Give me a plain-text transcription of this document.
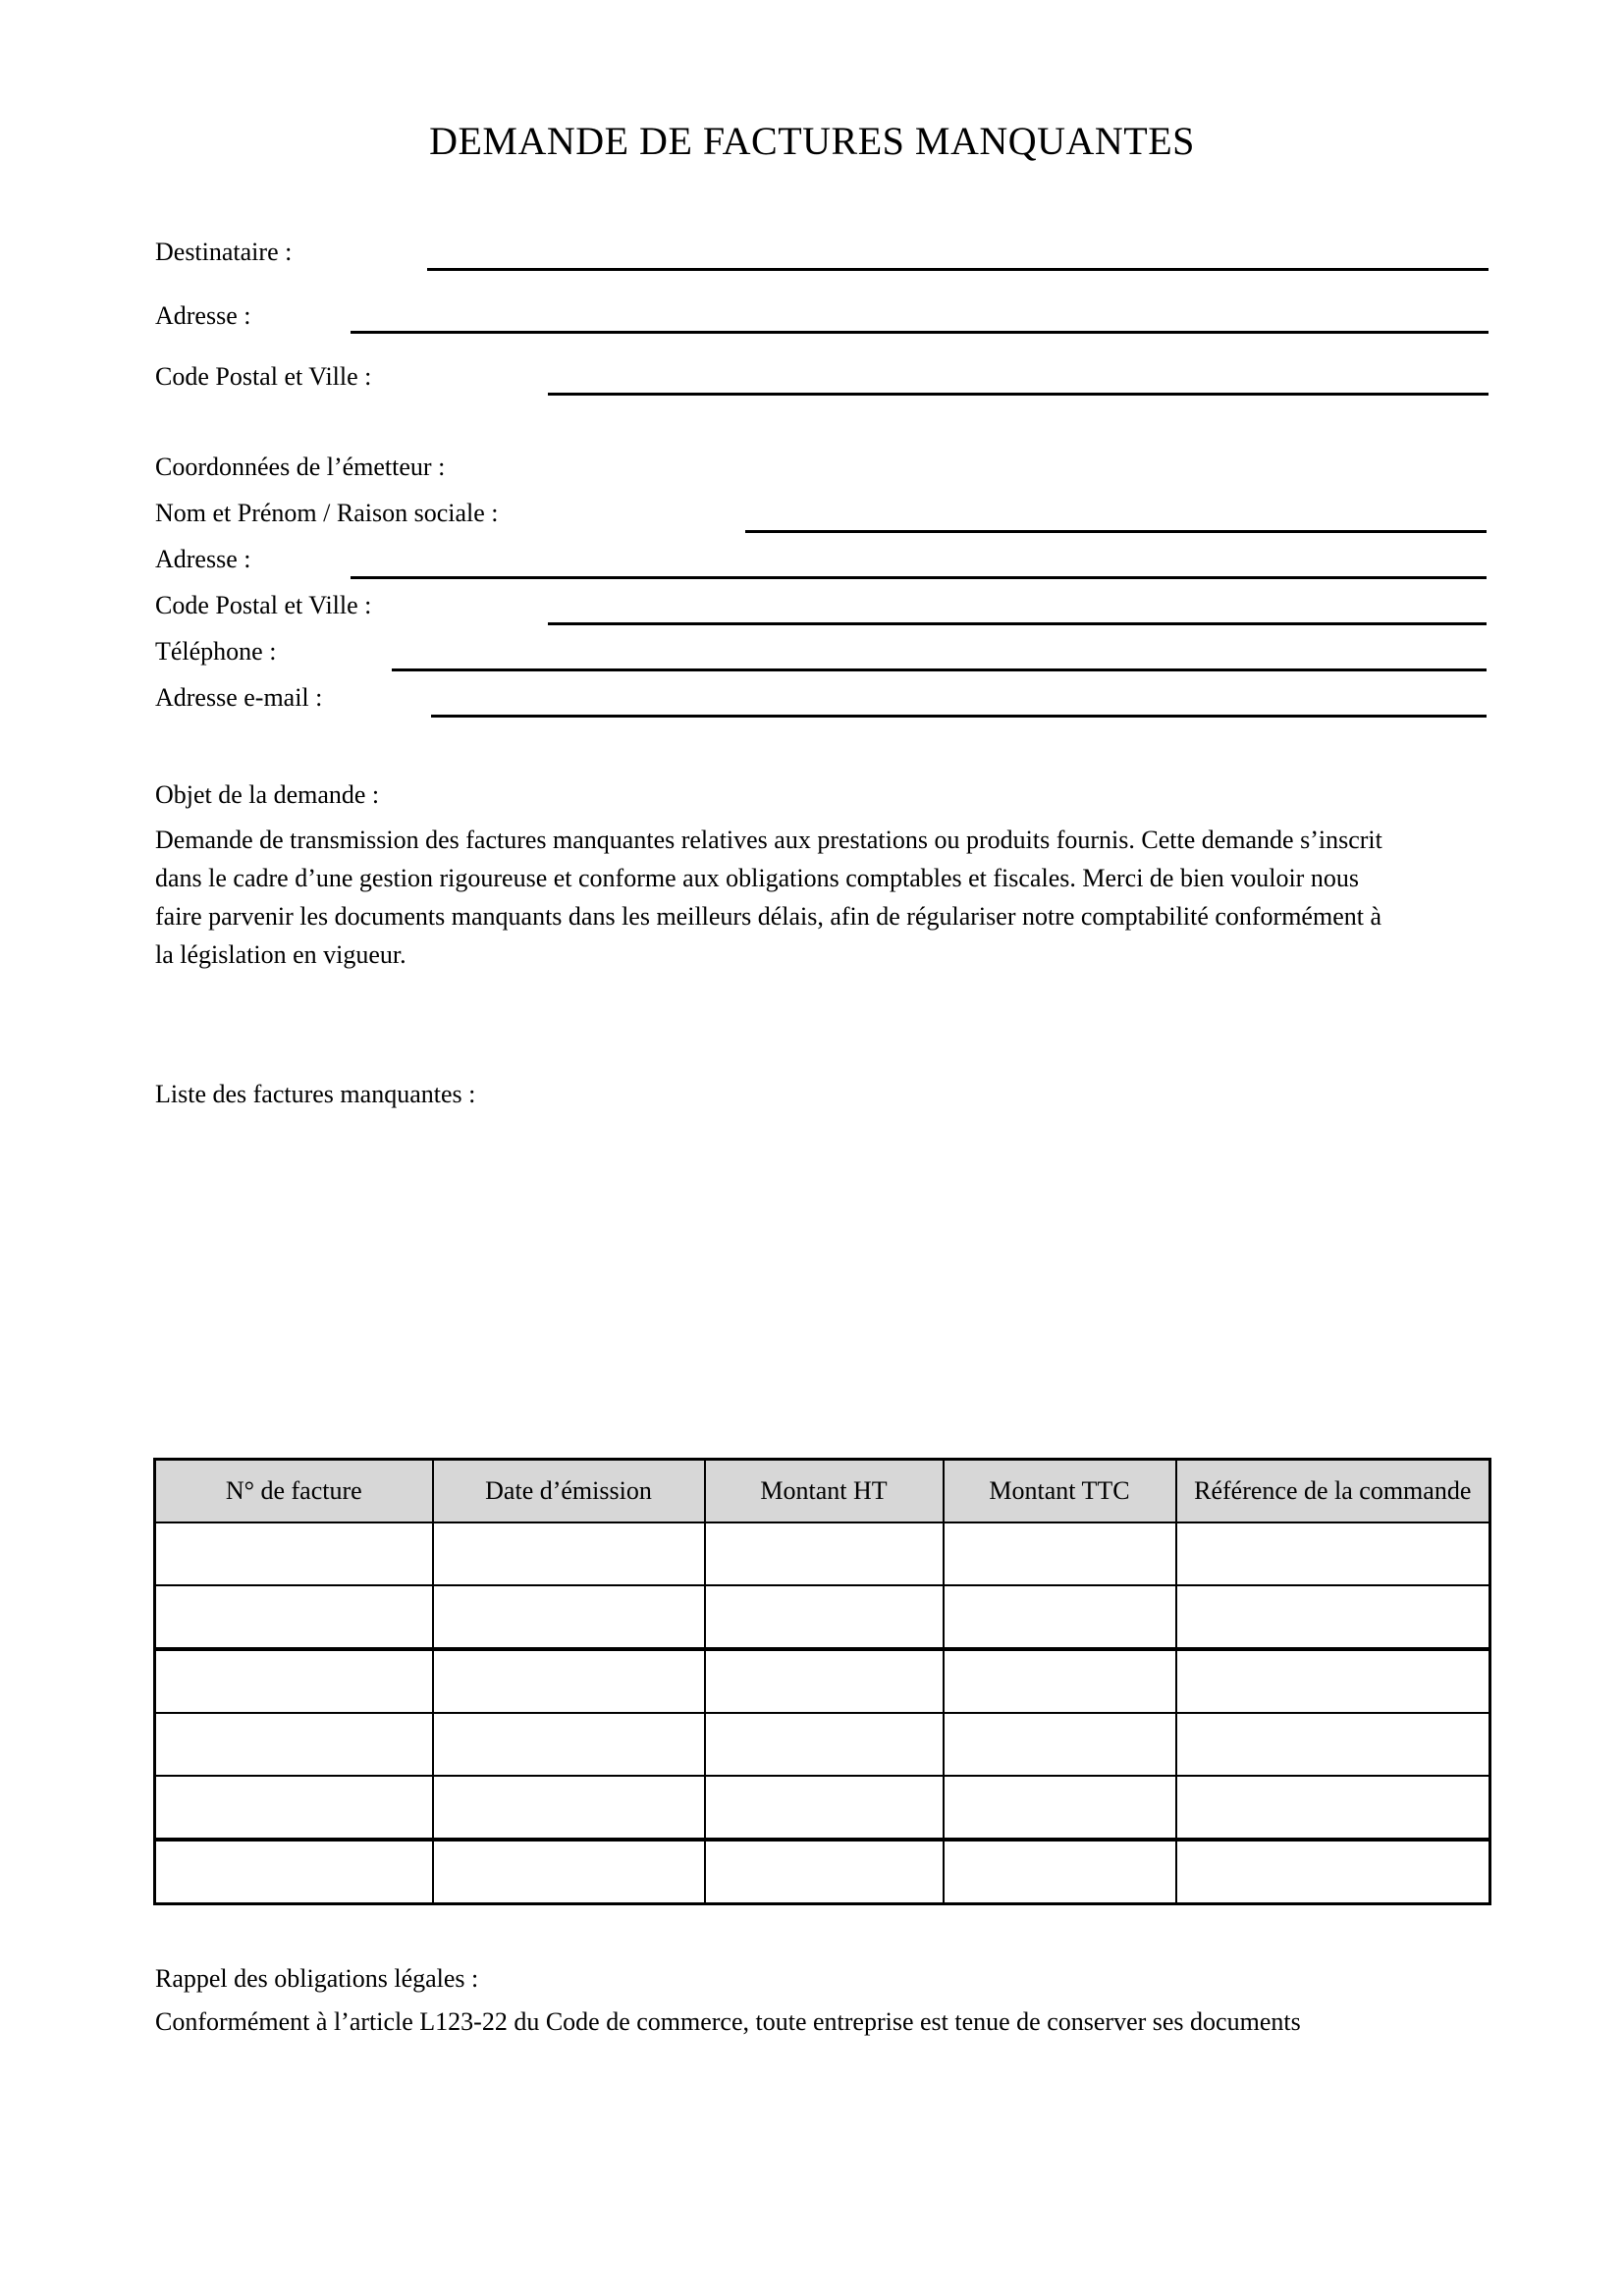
DEMANDE DE FACTURES MANQUANTES
Destinataire :
Adresse :
Code Postal et Ville :
Coordonnées de l’émetteur :
Nom et Prénom / Raison sociale :
Adresse :
Code Postal et Ville :
Téléphone :
Adresse e-mail :
Objet de la demande :
Demande de transmission des factures manquantes relatives aux prestations ou produits fournis. Cette demande s’inscrit
dans le cadre d’une gestion rigoureuse et conforme aux obligations comptables et fiscales. Merci de bien vouloir nous
faire parvenir les documents manquants dans les meilleurs délais, afin de régulariser notre comptabilité conformément à
la législation en vigueur.
Liste des factures manquantes :
N° de facture	Date d’émission	Montant HT	Montant TTC	Référence de la commande

Rappel des obligations légales :
Conformément à l’article L123-22 du Code de commerce, toute entreprise est tenue de conserver ses documents
